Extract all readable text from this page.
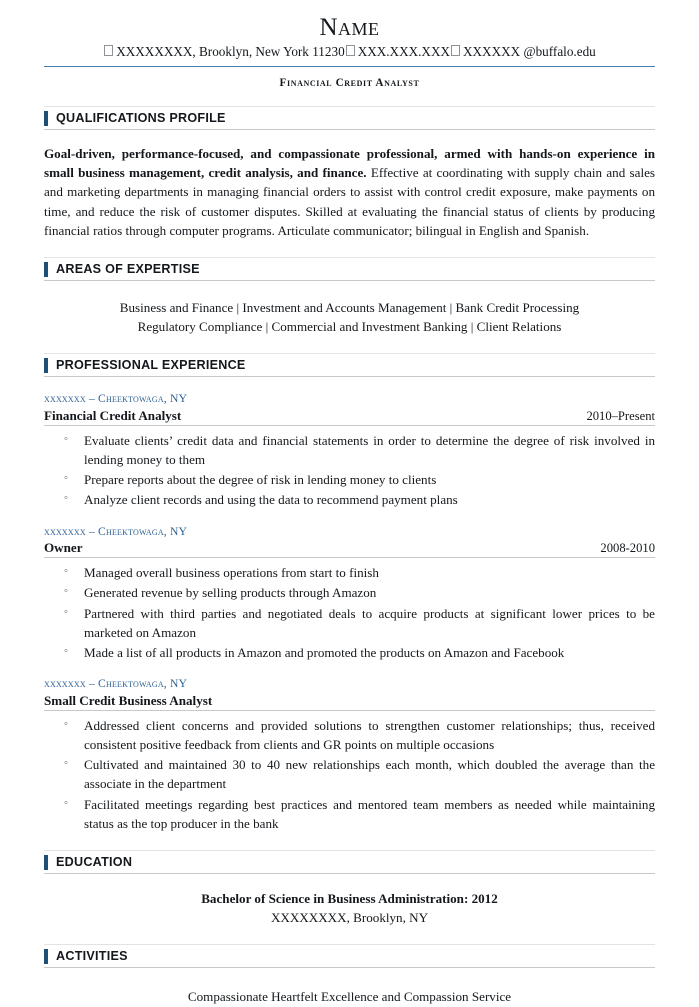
Name
XXXXXXXX, Brooklyn, New York 11230 XXX.XXX.XXX XXXXXX @buffalo.edu
Financial Credit Analyst
QUALIFICATIONS PROFILE

Goal-driven, performance-focused, and compassionate professional, armed with hands-on experience in small business management, credit analysis, and finance. Effective at coordinating with supply chain and sales and marketing departments in managing financial orders to assist with control credit exposure, make payments on time, and reduce the risk of customer disputes. Skilled at evaluating the financial status of clients by producing financial ratios through computer programs. Articulate communicator; bilingual in English and Spanish.

AREAS OF EXPERTISE
Business and Finance | Investment and Accounts Management | Bank Credit Processing
Regulatory Compliance | Commercial and Investment Banking | Client Relations
PROFESSIONAL EXPERIENCE
xxxxxxx – Cheektowaga, NY
Financial Credit Analyst	2010–Present
◦ Evaluate clients’ credit data and financial statements in order to determine the degree of risk involved in lending money to them
◦ Prepare reports about the degree of risk in lending money to clients
◦ Analyze client records and using the data to recommend payment plans
xxxxxxx – Cheektowaga, NY
Owner	2008-2010
◦ Managed overall business operations from start to finish
◦ Generated revenue by selling products through Amazon
◦ Partnered with third parties and negotiated deals to acquire products at significant lower prices to be marketed on Amazon
◦ Made a list of all products in Amazon and promoted the products on Amazon and Facebook
xxxxxxx – Cheektowaga, NY
Small Credit Business Analyst
◦ Addressed client concerns and provided solutions to strengthen customer relationships; thus, received consistent positive feedback from clients and GR points on multiple occasions
◦ Cultivated and maintained 30 to 40 new relationships each month, which doubled the average than the associate in the department
◦ Facilitated meetings regarding best practices and mentored team members as needed while maintaining status as the top producer in the bank
EDUCATION
Bachelor of Science in Business Administration: 2012
XXXXXXXX, Brooklyn, NY
ACTIVITIES
Compassionate Heartfelt Excellence and Compassion Service
